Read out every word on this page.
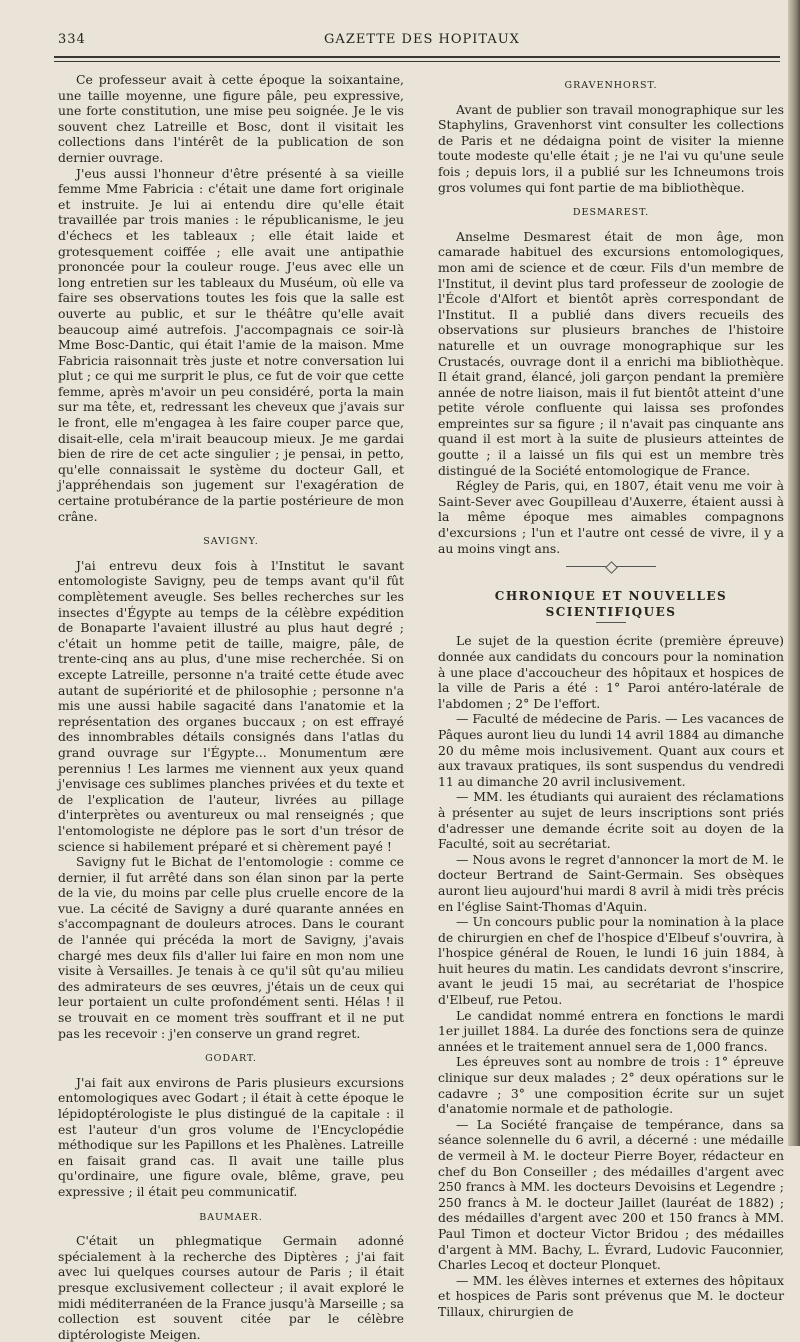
334	GAZETTE DES HOPITAUX

Ce professeur avait à cette époque la soixantaine, une taille moyenne, une figure pâle, peu expressive, une forte constitution, une mise peu soignée. Je le vis souvent chez Latreille et Bosc, dont il visitait les collections dans l'intérêt de la publication de son dernier ouvrage.

J'eus aussi l'honneur d'être présenté à sa vieille femme Mme Fabricia : c'était une dame fort originale et instruite. Je lui ai entendu dire qu'elle était travaillée par trois manies : le républicanisme, le jeu d'échecs et les tableaux ; elle était laide et grotesquement coiffée ; elle avait une antipathie prononcée pour la couleur rouge. J'eus avec elle un long entretien sur les tableaux du Muséum, où elle va faire ses observations toutes les fois que la salle est ouverte au public, et sur le théâtre qu'elle avait beaucoup aimé autrefois. J'accompagnais ce soir-là Mme Bosc-Dantic, qui était l'amie de la maison. Mme Fabricia raisonnait très juste et notre conversation lui plut ; ce qui me surprit le plus, ce fut de voir que cette femme, après m'avoir un peu considéré, porta la main sur ma tête, et, redressant les cheveux que j'avais sur le front, elle m'engagea à les faire couper parce que, disait-elle, cela m'irait beaucoup mieux. Je me gardai bien de rire de cet acte singulier ; je pensai, in petto, qu'elle connaissait le système du docteur Gall, et j'appréhendais son jugement sur l'exagération de certaine protubérance de la partie postérieure de mon crâne.

SAVIGNY.

J'ai entrevu deux fois à l'Institut le savant entomologiste Savigny, peu de temps avant qu'il fût complètement aveugle. Ses belles recherches sur les insectes d'Égypte au temps de la célèbre expédition de Bonaparte l'avaient illustré au plus haut degré ; c'était un homme petit de taille, maigre, pâle, de trente-cinq ans au plus, d'une mise recherchée. Si on excepte Latreille, personne n'a traité cette étude avec autant de supériorité et de philosophie ; personne n'a mis une aussi habile sagacité dans l'anatomie et la représentation des organes buccaux ; on est effrayé des innombrables détails consignés dans l'atlas du grand ouvrage sur l'Égypte... Monumentum ære perennius ! Les larmes me viennent aux yeux quand j'envisage ces sublimes planches privées et du texte et de l'explication de l'auteur, livrées au pillage d'interprètes ou aventureux ou mal renseignés ; que l'entomologiste ne déplore pas le sort d'un trésor de science si habilement préparé et si chèrement payé !

Savigny fut le Bichat de l'entomologie : comme ce dernier, il fut arrêté dans son élan sinon par la perte de la vie, du moins par celle plus cruelle encore de la vue. La cécité de Savigny a duré quarante années en s'accompagnant de douleurs atroces. Dans le courant de l'année qui précéda la mort de Savigny, j'avais chargé mes deux fils d'aller lui faire en mon nom une visite à Versailles. Je tenais à ce qu'il sût qu'au milieu des admirateurs de ses œuvres, j'étais un de ceux qui leur portaient un culte profondément senti. Hélas ! il se trouvait en ce moment très souffrant et il ne put pas les recevoir : j'en conserve un grand regret.

GODART.

J'ai fait aux environs de Paris plusieurs excursions entomologiques avec Godart ; il était à cette époque le lépidoptérologiste le plus distingué de la capitale : il est l'auteur d'un gros volume de l'Encyclopédie méthodique sur les Papillons et les Phalènes. Latreille en faisait grand cas. Il avait une taille plus qu'ordinaire, une figure ovale, blême, grave, peu expressive ; il était peu communicatif.

BAUMAER.

C'était un phlegmatique Germain adonné spécialement à la recherche des Diptères ; j'ai fait avec lui quelques courses autour de Paris ; il était presque exclusivement collecteur ; il avait exploré le midi méditerranéen de la France jusqu'à Marseille ; sa collection est souvent citée par le célèbre diptérologiste Meigen.

GRAVENHORST.

Avant de publier son travail monographique sur les Staphylins, Gravenhorst vint consulter les collections de Paris et ne dédaigna point de visiter la mienne toute modeste qu'elle était ; je ne l'ai vu qu'une seule fois ; depuis lors, il a publié sur les Ichneumons trois gros volumes qui font partie de ma bibliothèque.

DESMAREST.

Anselme Desmarest était de mon âge, mon camarade habituel des excursions entomologiques, mon ami de science et de cœur. Fils d'un membre de l'Institut, il devint plus tard professeur de zoologie de l'École d'Alfort et bientôt après correspondant de l'Institut. Il a publié dans divers recueils des observations sur plusieurs branches de l'histoire naturelle et un ouvrage monographique sur les Crustacés, ouvrage dont il a enrichi ma bibliothèque. Il était grand, élancé, joli garçon pendant la première année de notre liaison, mais il fut bientôt atteint d'une petite vérole confluente qui laissa ses profondes empreintes sur sa figure ; il n'avait pas cinquante ans quand il est mort à la suite de plusieurs atteintes de goutte ; il a laissé un fils qui est un membre très distingué de la Société entomologique de France.

Régley de Paris, qui, en 1807, était venu me voir à Saint-Sever avec Goupilleau d'Auxerre, étaient aussi à la même époque mes aimables compagnons d'excursions ; l'un et l'autre ont cessé de vivre, il y a au moins vingt ans.

CHRONIQUE ET NOUVELLES SCIENTIFIQUES

Le sujet de la question écrite (première épreuve) donnée aux candidats du concours pour la nomination à une place d'accoucheur des hôpitaux et hospices de la ville de Paris a été : 1° Paroi antéro-latérale de l'abdomen ; 2° De l'effort.

— Faculté de médecine de Paris. — Les vacances de Pâques auront lieu du lundi 14 avril 1884 au dimanche 20 du même mois inclusivement. Quant aux cours et aux travaux pratiques, ils sont suspendus du vendredi 11 au dimanche 20 avril inclusivement.

— MM. les étudiants qui auraient des réclamations à présenter au sujet de leurs inscriptions sont priés d'adresser une demande écrite soit au doyen de la Faculté, soit au secrétariat.

— Nous avons le regret d'annoncer la mort de M. le docteur Bertrand de Saint-Germain. Ses obsèques auront lieu aujourd'hui mardi 8 avril à midi très précis en l'église Saint-Thomas d'Aquin.

— Un concours public pour la nomination à la place de chirurgien en chef de l'hospice d'Elbeuf s'ouvrira, à l'hospice général de Rouen, le lundi 16 juin 1884, à huit heures du matin. Les candidats devront s'inscrire, avant le jeudi 15 mai, au secrétariat de l'hospice d'Elbeuf, rue Petou.

Le candidat nommé entrera en fonctions le mardi 1er juillet 1884. La durée des fonctions sera de quinze années et le traitement annuel sera de 1,000 francs.

Les épreuves sont au nombre de trois : 1° épreuve clinique sur deux malades ; 2° deux opérations sur le cadavre ; 3° une composition écrite sur un sujet d'anatomie normale et de pathologie.

— La Société française de tempérance, dans sa séance solennelle du 6 avril, a décerné : une médaille de vermeil à M. le docteur Pierre Boyer, rédacteur en chef du Bon Conseiller ; des médailles d'argent avec 250 francs à MM. les docteurs Devoisins et Legendre ; 250 francs à M. le docteur Jaillet (lauréat de 1882) ; des médailles d'argent avec 200 et 150 francs à MM. Paul Timon et docteur Victor Bridou ; des médailles d'argent à MM. Bachy, L. Évrard, Ludovic Fauconnier, Charles Lecoq et docteur Plonquet.

— MM. les élèves internes et externes des hôpitaux et hospices de Paris sont prévenus que M. le docteur Tillaux, chirurgien de
